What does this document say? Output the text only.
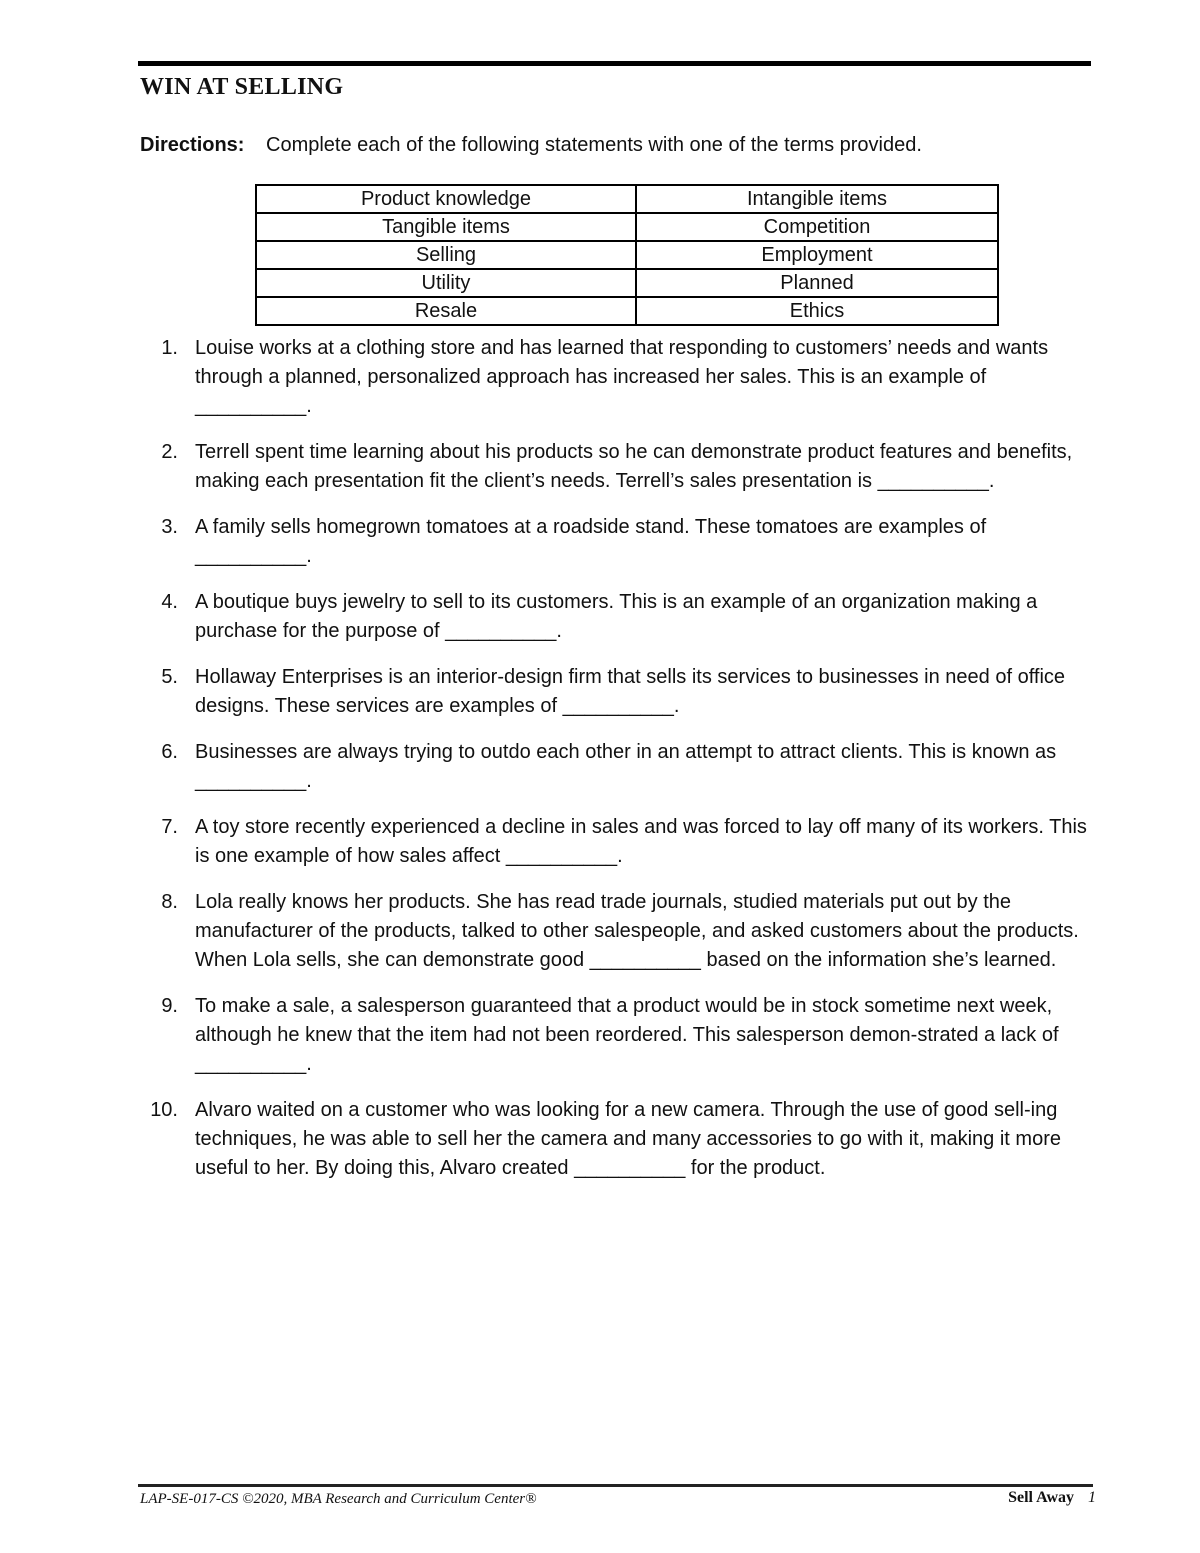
WIN AT SELLING
Directions: Complete each of the following statements with one of the terms provided.
Product knowledge	Intangible items
Tangible items	Competition
Selling	Employment
Utility	Planned
Resale	Ethics
1. Louise works at a clothing store and has learned that responding to customers’ needs and wants through a planned, personalized approach has increased her sales. This is an example of __________.
2. Terrell spent time learning about his products so he can demonstrate product features and benefits, making each presentation fit the client’s needs. Terrell’s sales presentation is __________.
3. A family sells homegrown tomatoes at a roadside stand. These tomatoes are examples of __________.
4. A boutique buys jewelry to sell to its customers. This is an example of an organization making a purchase for the purpose of __________.
5. Hollaway Enterprises is an interior-design firm that sells its services to businesses in need of office designs. These services are examples of __________.
6. Businesses are always trying to outdo each other in an attempt to attract clients. This is known as __________.
7. A toy store recently experienced a decline in sales and was forced to lay off many of its workers. This is one example of how sales affect __________.
8. Lola really knows her products. She has read trade journals, studied materials put out by the manufacturer of the products, talked to other salespeople, and asked customers about the products. When Lola sells, she can demonstrate good __________ based on the information she’s learned.
9. To make a sale, a salesperson guaranteed that a product would be in stock sometime next week, although he knew that the item had not been reordered. This salesperson demon-strated a lack of __________.
10. Alvaro waited on a customer who was looking for a new camera. Through the use of good sell-ing techniques, he was able to sell her the camera and many accessories to go with it, making it more useful to her. By doing this, Alvaro created __________ for the product.
LAP-SE-017-CS ©2020, MBA Research and Curriculum Center®	Sell Away 1
